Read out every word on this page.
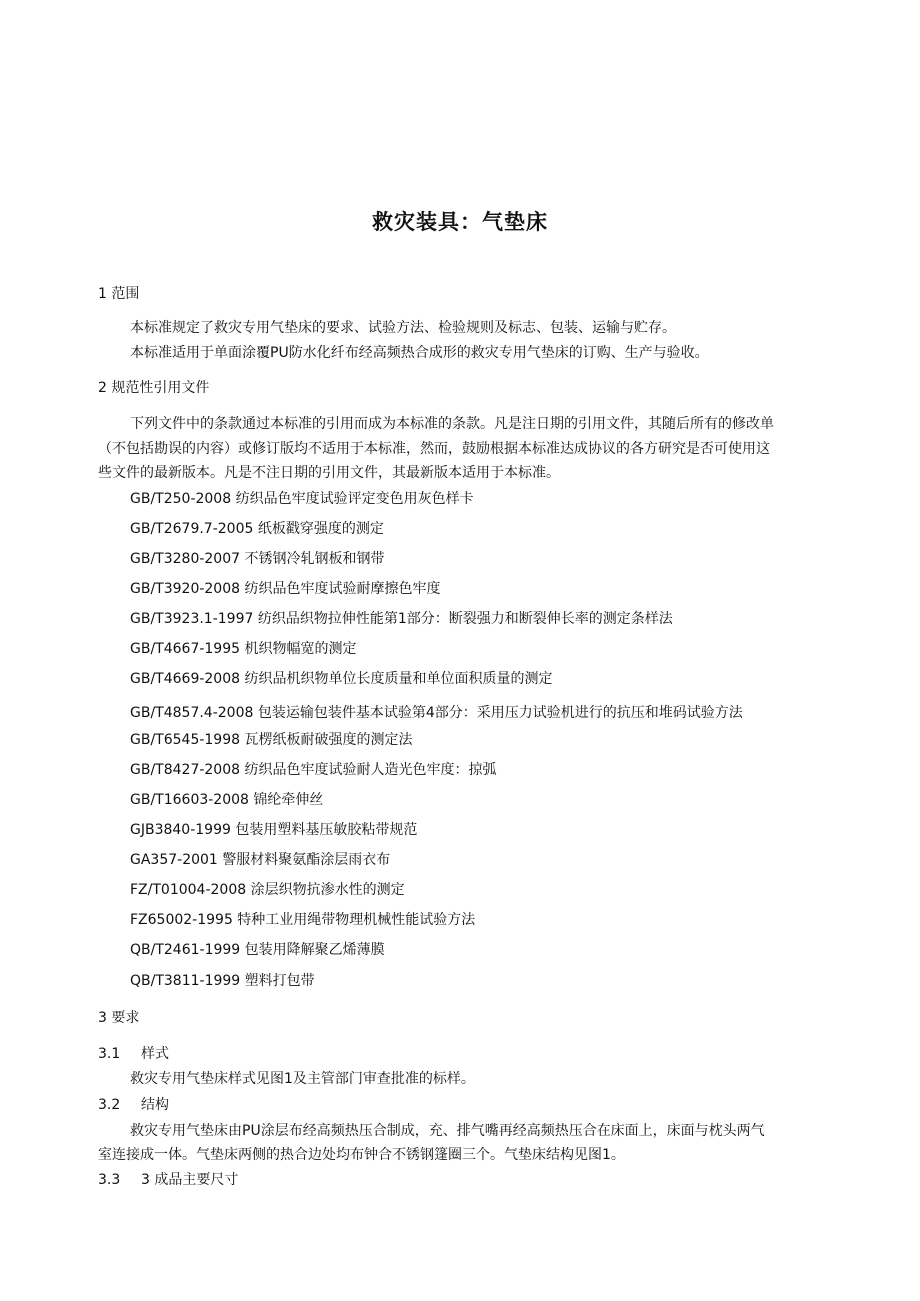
救灾装具：气垫床
1 范围
本标准规定了救灾专用气垫床的要求、试验方法、检验规则及标志、包装、运输与贮存。
本标准适用于单面涂覆PU防水化纤布经高频热合成形的救灾专用气垫床的订购、生产与验收。
2 规范性引用文件
下列文件中的条款通过本标准的引用而成为本标准的条款。凡是注日期的引用文件，其随后所有的修改单
（不包括勘误的内容）或修订版均不适用于本标准，然而，鼓励根据本标准达成协议的各方研究是否可使用这
些文件的最新版本。凡是不注日期的引用文件，其最新版本适用于本标准。
GB/T250-2008 纺织品色牢度试验评定变色用灰色样卡
GB/T2679.7-2005 纸板戳穿强度的测定
GB/T3280-2007 不锈钢冷轧钢板和钢带
GB/T3920-2008 纺织品色牢度试验耐摩擦色牢度
GB/T3923.1-1997 纺织品织物拉伸性能第1部分：断裂强力和断裂伸长率的测定条样法
GB/T4667-1995 机织物幅宽的测定
GB/T4669-2008 纺织品机织物单位长度质量和单位面积质量的测定
GB/T4857.4-2008 包装运输包装件基本试验第4部分：采用压力试验机进行的抗压和堆码试验方法
GB/T6545-1998 瓦楞纸板耐破强度的测定法
GB/T8427-2008 纺织品色牢度试验耐人造光色牢度：掠弧
GB/T16603-2008 锦纶牵伸丝
GJB3840-1999 包装用塑料基压敏胶粘带规范
GA357-2001 警服材料聚氨酯涂层雨衣布
FZ/T01004-2008 涂层织物抗渗水性的测定
FZ65002-1995 特种工业用绳带物理机械性能试验方法
QB/T2461-1999 包装用降解聚乙烯薄膜
QB/T3811-1999 塑料打包带
3 要求
3.1 样式
救灾专用气垫床样式见图1及主管部门审查批准的标样。
3.2 结构
救灾专用气垫床由PU涂层布经高频热压合制成，充、排气嘴再经高频热压合在床面上，床面与枕头两气
室连接成一体。气垫床两侧的热合边处均布钟合不锈钢篷圈三个。气垫床结构见图1。
3.3 3 成品主要尺寸
